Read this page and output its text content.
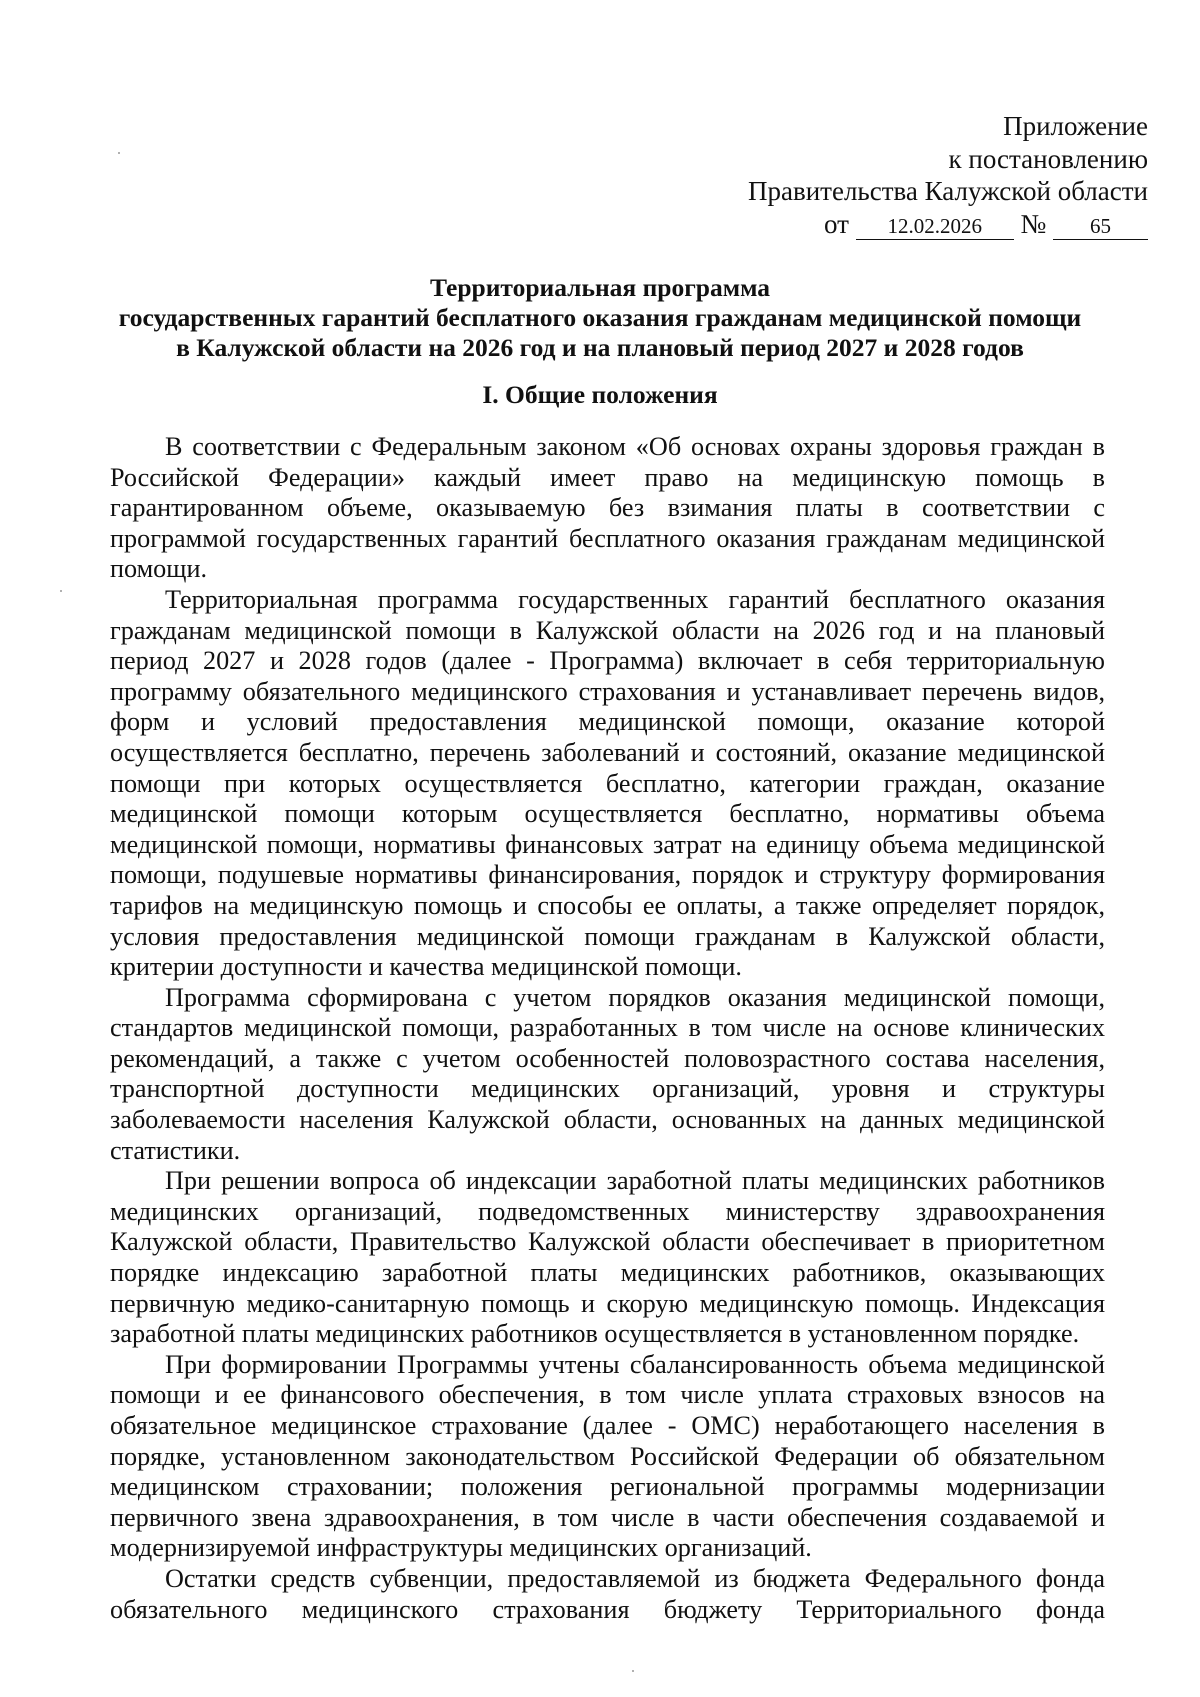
Приложение
к постановлению
Правительства Калужской области
от 12.02.2026 № 65
Территориальная программа
государственных гарантий бесплатного оказания гражданам медицинской помощи
в Калужской области на 2026 год и на плановый период 2027 и 2028 годов
I. Общие положения

В соответствии с Федеральным законом «Об основах охраны здоровья граждан в Российской Федерации» каждый имеет право на медицинскую помощь в гарантированном объеме, оказываемую без взимания платы в соответствии с программой государственных гарантий бесплатного оказания гражданам медицинской помощи.

Территориальная программа государственных гарантий бесплатного оказания гражданам медицинской помощи в Калужской области на 2026 год и на плановый период 2027 и 2028 годов (далее - Программа) включает в себя территориальную программу обязательного медицинского страхования и устанавливает перечень видов, форм и условий предоставления медицинской помощи, оказание которой осуществляется бесплатно, перечень заболеваний и состояний, оказание медицинской помощи при которых осуществляется бесплатно, категории граждан, оказание медицинской помощи которым осуществляется бесплатно, нормативы объема медицинской помощи, нормативы финансовых затрат на единицу объема медицинской помощи, подушевые нормативы финансирования, порядок и структуру формирования тарифов на медицинскую помощь и способы ее оплаты, а также определяет порядок, условия предоставления медицинской помощи гражданам в Калужской области, критерии доступности и качества медицинской помощи.

Программа сформирована с учетом порядков оказания медицинской помощи, стандартов медицинской помощи, разработанных в том числе на основе клинических рекомендаций, а также с учетом особенностей половозрастного состава населения, транспортной доступности медицинских организаций, уровня и структуры заболеваемости населения Калужской области, основанных на данных медицинской статистики.

При решении вопроса об индексации заработной платы медицинских работников медицинских организаций, подведомственных министерству здравоохранения Калужской области, Правительство Калужской области обеспечивает в приоритетном порядке индексацию заработной платы медицинских работников, оказывающих первичную медико-санитарную помощь и скорую медицинскую помощь. Индексация заработной платы медицинских работников осуществляется в установленном порядке.

При формировании Программы учтены сбалансированность объема медицинской помощи и ее финансового обеспечения, в том числе уплата страховых взносов на обязательное медицинское страхование (далее - ОМС) неработающего населения в порядке, установленном законодательством Российской Федерации об обязательном медицинском страховании; положения региональной программы модернизации первичного звена здравоохранения, в том числе в части обеспечения создаваемой и модернизируемой инфраструктуры медицинских организаций.

Остатки средств субвенции, предоставляемой из бюджета Федерального фонда обязательного медицинского страхования бюджету Территориального фонда
